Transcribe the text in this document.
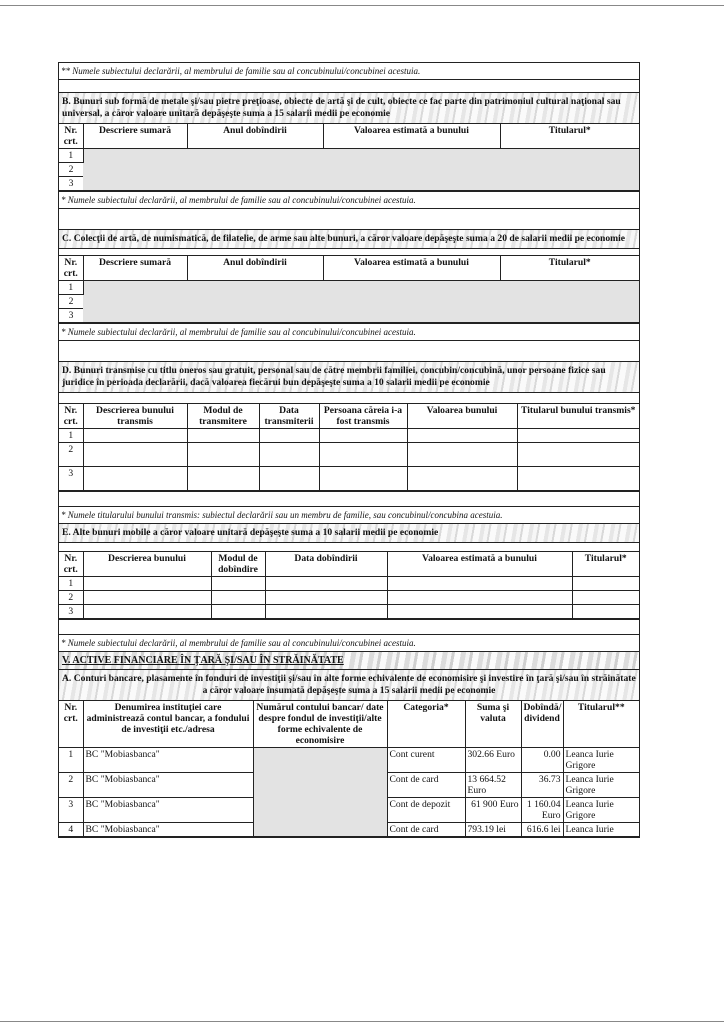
** Numele subiectului declarării, al membrului de familie sau al concubinului/concubinei acestuia.
B. Bunuri sub formă de metale şi/sau pietre preţioase, obiecte de artă şi de cult, obiecte ce fac parte din patrimoniul cultural naţional sau universal, a căror valoare unitară depăşeşte suma a 15 salarii medii pe economie
Nr. crt.	Descriere sumară	Anul dobîndirii	Valoarea estimată a bunului	Titularul*
1				
2				
3				
* Numele subiectului declarării, al membrului de familie sau al concubinului/concubinei acestuia.
C. Colecţii de artă, de numismatică, de filatelie, de arme sau alte bunuri, a căror valoare depăşeşte suma a 20 de salarii medii pe economie
Nr. crt.	Descriere sumară	Anul dobîndirii	Valoarea estimată a bunului	Titularul*
1				
2				
3				
* Numele subiectului declarării, al membrului de familie sau al concubinului/concubinei acestuia.
D. Bunuri transmise cu titlu oneros sau gratuit, personal sau de către membrii familiei, concubin/concubină, unor persoane fizice sau juridice în perioada declarării, dacă valoarea fiecărui bun depăşeşte suma a 10 salarii medii pe economie
Nr. crt.	Descrierea bunului transmis	Modul de transmitere	Data transmiterii	Persoana căreia i-a fost transmis	Valoarea bunului	Titularul bunului transmis*
1						
2						
3						
* Numele titularului bunului transmis: subiectul declarării sau un membru de familie, sau concubinul/concubina acestuia.
E. Alte bunuri mobile a căror valoare unitară depăşeşte suma a 10 salarii medii pe economie
Nr. crt.	Descrierea bunului	Modul de dobîndire	Data dobîndirii	Valoarea estimată a bunului	Titularul*
1					
2					
3					
* Numele subiectului declarării, al membrului de familie sau al concubinului/concubinei acestuia.
V. ACTIVE FINANCIARE ÎN ŢARĂ ŞI/SAU ÎN STRĂINĂTATE
A. Conturi bancare, plasamente în fonduri de investiţii şi/sau în alte forme echivalente de economisire şi investire în ţară şi/sau în străinătate
a căror valoare însumată depăşeşte suma a 15 salarii medii pe economie
Nr. crt.	Denumirea instituţiei care administrează contul bancar, a fondului de investiţii etc./adresa	Numărul contului bancar/ date despre fondul de investiţii/alte forme echivalente de economisire	Categoria*	Suma şi valuta	Dobîndă/ dividend	Titularul**
1	BC "Mobiasbanca"		Cont curent	302.66 Euro	0.00	Leanca Iurie Grigore
2	BC "Mobiasbanca"		Cont de card	13 664.52 Euro	36.73	Leanca Iurie Grigore
3	BC "Mobiasbanca"		Cont de depozit	61 900 Euro	1 160.04 Euro	Leanca Iurie Grigore
4	BC "Mobiasbanca"		Cont de card	793.19 lei	616.6 lei	Leanca Iurie
